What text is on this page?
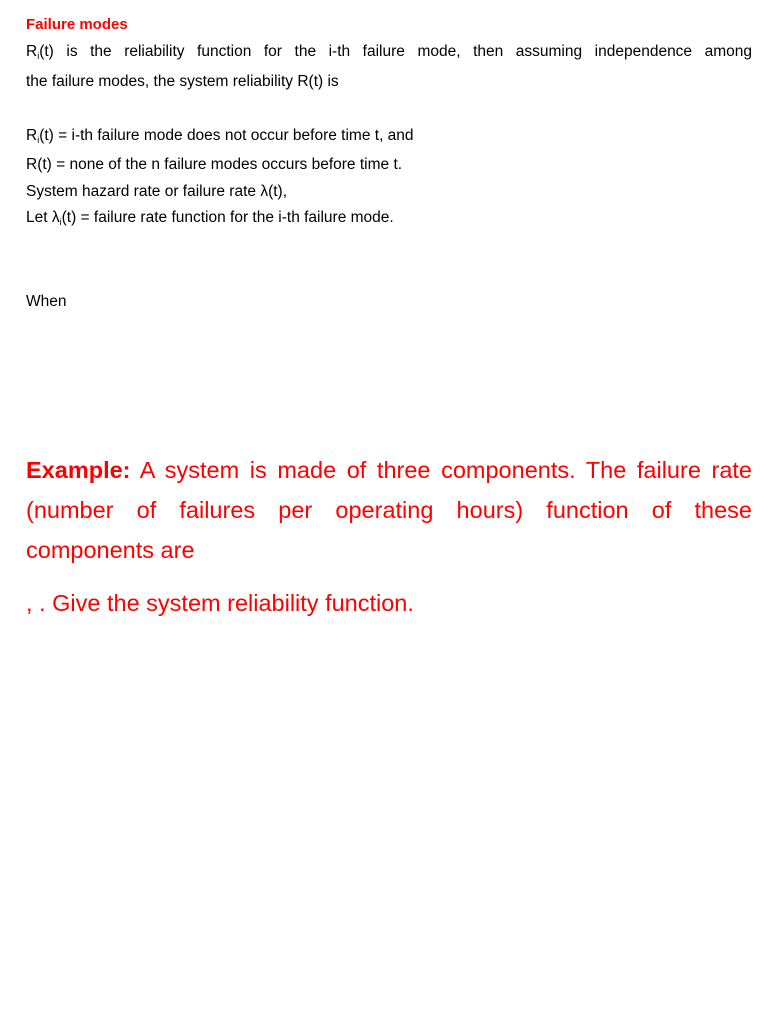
Failure modes
$R_i(t)$ is the reliability function for the i-th failure mode, then assuming independence among
the failure modes, the system reliability R(t) is
$R_i(t) = i-th$ failure mode does not occur before time t, and
R(t) = none of the n failure modes occurs before time t.
System hazard rate or failure rate λ(t),
Let $\lambda_i(t)$ = failure rate function for the i-th failure mode.
When
Example: A system is made of three components. The failure rate (number of failures per operating hours) function of these components are
, . Give the system reliability function.
